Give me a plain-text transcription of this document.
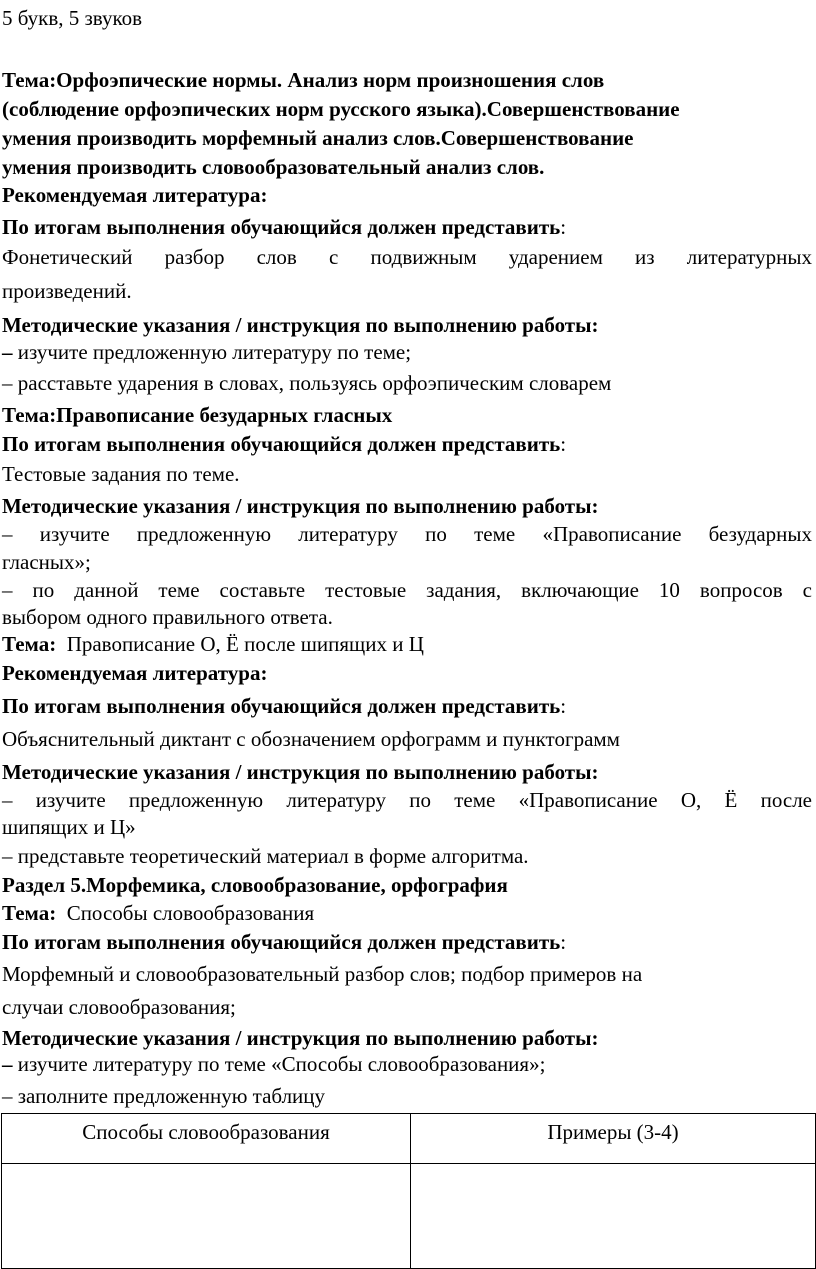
5 букв, 5 звуков
Тема:Орфоэпические нормы. Анализ норм произношения слов
(соблюдение орфоэпических норм русского языка).Совершенствование
умения производить морфемный анализ слов.Совершенствование
умения производить словообразовательный анализ слов.
Рекомендуемая литература:
По итогам выполнения обучающийся должен представить:
Фонетический разбор слов с подвижным ударением из литературных
произведений.
Методические указания / инструкция по выполнению работы:
– изучите предложенную литературу по теме;
– расставьте ударения в словах, пользуясь орфоэпическим словарем
Тема:Правописание безударных гласных
По итогам выполнения обучающийся должен представить:
Тестовые задания по теме.
Методические указания / инструкция по выполнению работы:
– изучите предложенную литературу по теме «Правописание безударных
гласных»;
– по данной теме составьте тестовые задания, включающие 10 вопросов с
выбором одного правильного ответа.
Тема:  Правописание О, Ё после шипящих и Ц
Рекомендуемая литература:
По итогам выполнения обучающийся должен представить:
Объяснительный диктант с обозначением орфограмм и пунктограмм
Методические указания / инструкция по выполнению работы:
– изучите предложенную литературу по теме «Правописание О, Ё после
шипящих и Ц»
– представьте теоретический материал в форме алгоритма.
Раздел 5.Морфемика, словообразование, орфография
Тема:  Способы словообразования
По итогам выполнения обучающийся должен представить:
Морфемный и словообразовательный разбор слов; подбор примеров на
случаи словообразования;
Методические указания / инструкция по выполнению работы:
– изучите литературу по теме «Способы словообразования»;
– заполните предложенную таблицу
Способы словообразования	Примеры (3-4)
